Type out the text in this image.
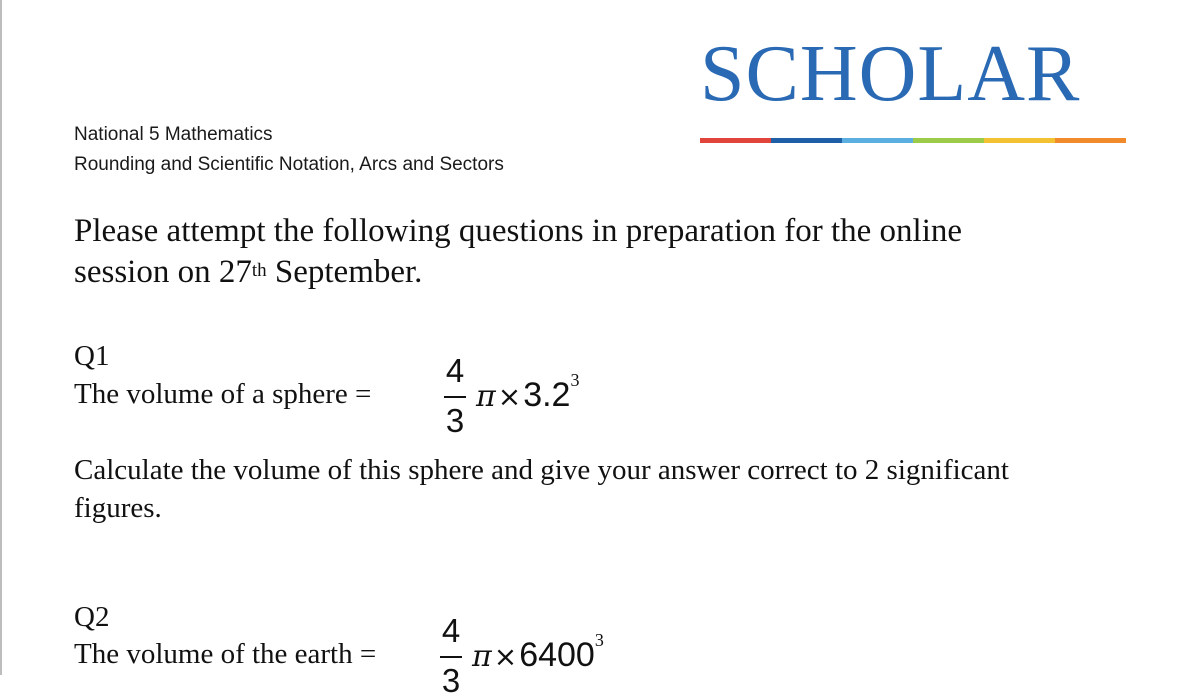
SCHOLAR
National 5 Mathematics
Rounding and Scientific Notation, Arcs and Sectors
Please attempt the following questions in preparation for the online
session on 27th September.
Q1
The volume of a sphere =
4
3
$\pi\times 3.2^3$
Calculate the volume of this sphere and give your answer correct to 2 significant
figures.
Q2
The volume of the earth =
4
3
$\pi\times 6400^3$
